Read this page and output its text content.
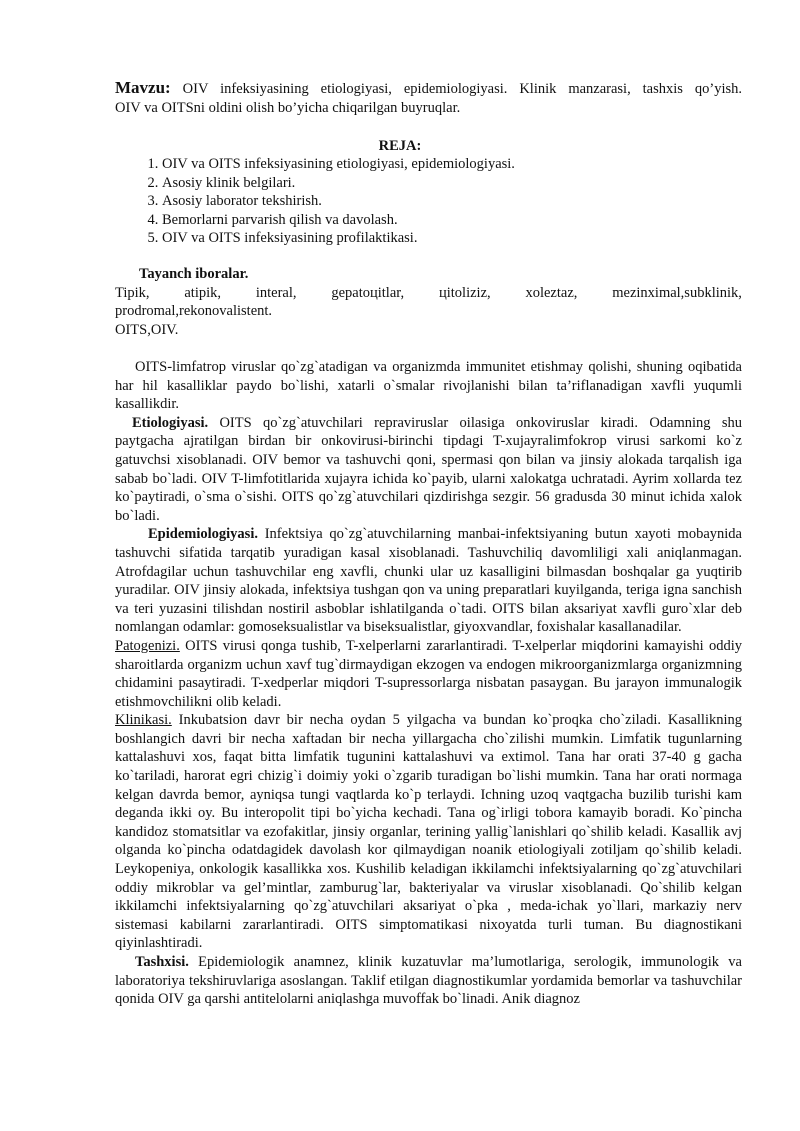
Mavzu: OIV infeksiyasining etiologiyasi, epidemiologiyasi. Klinik manzarasi, tashxis qo’yish.

OIV va OITSni oldini olish bo’yicha chiqarilgan buyruqlar.

REJA:
1. OIV va OITS infeksiyasining etiologiyasi, epidemiologiyasi.
2. Asosiy klinik belgilari.
3. Asosiy laborator tekshirish.
4. Bemorlarni parvarish qilish va davolash.
5. OIV va OITS infeksiyasining profilaktikasi.

Tayanch iboralar.

Tipik, atipik, interal, gepatoцitlar, цitoliziz, xoleztaz, mezinximal,subklinik,

prodromal,rekonovalistent.

OITS,OIV.

OITS-limfatrop viruslar qo`zg`atadigan va organizmda immunitet etishmay qolishi, shuning oqibatida har hil kasalliklar paydo bo`lishi, xatarli o`smalar rivojlanishi bilan ta’riflanadigan xavfli yuqumli kasallikdir.

Etiologiyasi. OITS qo`zg`atuvchilari repraviruslar oilasiga onkoviruslar kiradi. Odamning shu paytgacha ajratilgan birdan bir onkovirusi-birinchi tipdagi T-xujayralimfokrop virusi sarkomi ko`z gatuvchsi xisoblanadi. OIV bemor va tashuvchi qoni, spermasi qon bilan va jinsiy alokada tarqalish iga sabab bo`ladi. OIV T-limfotitlarida xujayra ichida ko`payib, ularni xalokatga uchratadi. Ayrim xollarda tez ko`paytiradi, o`sma o`sishi. OITS qo`zg`atuvchilari qizdirishga sezgir. 56 gradusda 30 minut ichida xalok bo`ladi.

Epidemiologiyasi. Infektsiya qo`zg`atuvchilarning manbai-infektsiyaning butun xayoti mobaynida tashuvchi sifatida tarqatib yuradigan kasal xisoblanadi. Tashuvchiliq davomliligi xali aniqlanmagan. Atrofdagilar uchun tashuvchilar eng xavfli, chunki ular uz kasalligini bilmasdan boshqalar ga yuqtirib yuradilar. OIV jinsiy alokada, infektsiya tushgan qon va uning preparatlari kuyilganda, teriga igna sanchish va teri yuzasini tilishdan nostiril asboblar ishlatilganda o`tadi. OITS bilan aksariyat xavfli guro`xlar deb nomlangan odamlar: gomoseksualistlar va biseksualistlar, giyoxvandlar, foxishalar kasallanadilar.

Patogenizi. OITS virusi qonga tushib, T-xelperlarni zararlantiradi. T-xelperlar miqdorini kamayishi oddiy sharoitlarda organizm uchun xavf tug`dirmaydigan ekzogen va endogen mikroorganizmlarga organizmning chidamini pasaytiradi. T-xedperlar miqdori T-supressorlarga nisbatan pasaygan. Bu jarayon immunalogik etishmovchilikni olib keladi.

Klinikasi. Inkubatsion davr bir necha oydan 5 yilgacha va bundan ko`proqka cho`ziladi. Kasallikning boshlangich davri bir necha xaftadan bir necha yillargacha cho`zilishi mumkin. Limfatik tugunlarning kattalashuvi xos, faqat bitta limfatik tugunini kattalashuvi va extimol. Tana har orati 37-40 g gacha ko`tariladi, harorat egri chizig`i doimiy yoki o`zgarib turadigan bo`lishi mumkin. Tana har orati normaga kelgan davrda bemor, ayniqsa tungi vaqtlarda ko`p terlaydi. Ichning uzoq vaqtgacha buzilib turishi kam deganda ikki oy. Bu interopolit tipi bo`yicha kechadi. Tana og`irligi tobora kamayib boradi. Ko`pincha kandidoz stomatsitlar va ezofakitlar, jinsiy organlar, terining yallig`lanishlari qo`shilib keladi. Kasallik avj olganda ko`pincha odatdagidek davolash kor qilmaydigan noanik etiologiyali zotiljam qo`shilib keladi. Leykopeniya, onkologik kasallikka xos. Kushilib keladigan ikkilamchi infektsiyalarning qo`zg`atuvchilari oddiy mikroblar va gel’mintlar, zamburug`lar, bakteriyalar va viruslar xisoblanadi. Qo`shilib kelgan ikkilamchi infektsiyalarning qo`zg`atuvchilari aksariyat o`pka , meda-ichak yo`llari, markaziy nerv sistemasi kabilarni zararlantiradi. OITS simptomatikasi nixoyatda turli tuman. Bu diagnostikani qiyinlashtiradi.

Tashxisi. Epidemiologik anamnez, klinik kuzatuvlar ma’lumotlariga, serologik, immunologik va laboratoriya tekshiruvlariga asoslangan. Taklif etilgan diagnostikumlar yordamida bemorlar va tashuvchilar qonida OIV ga qarshi antitelolarni aniqlashga muvoffak bo`linadi. Anik diagnoz
